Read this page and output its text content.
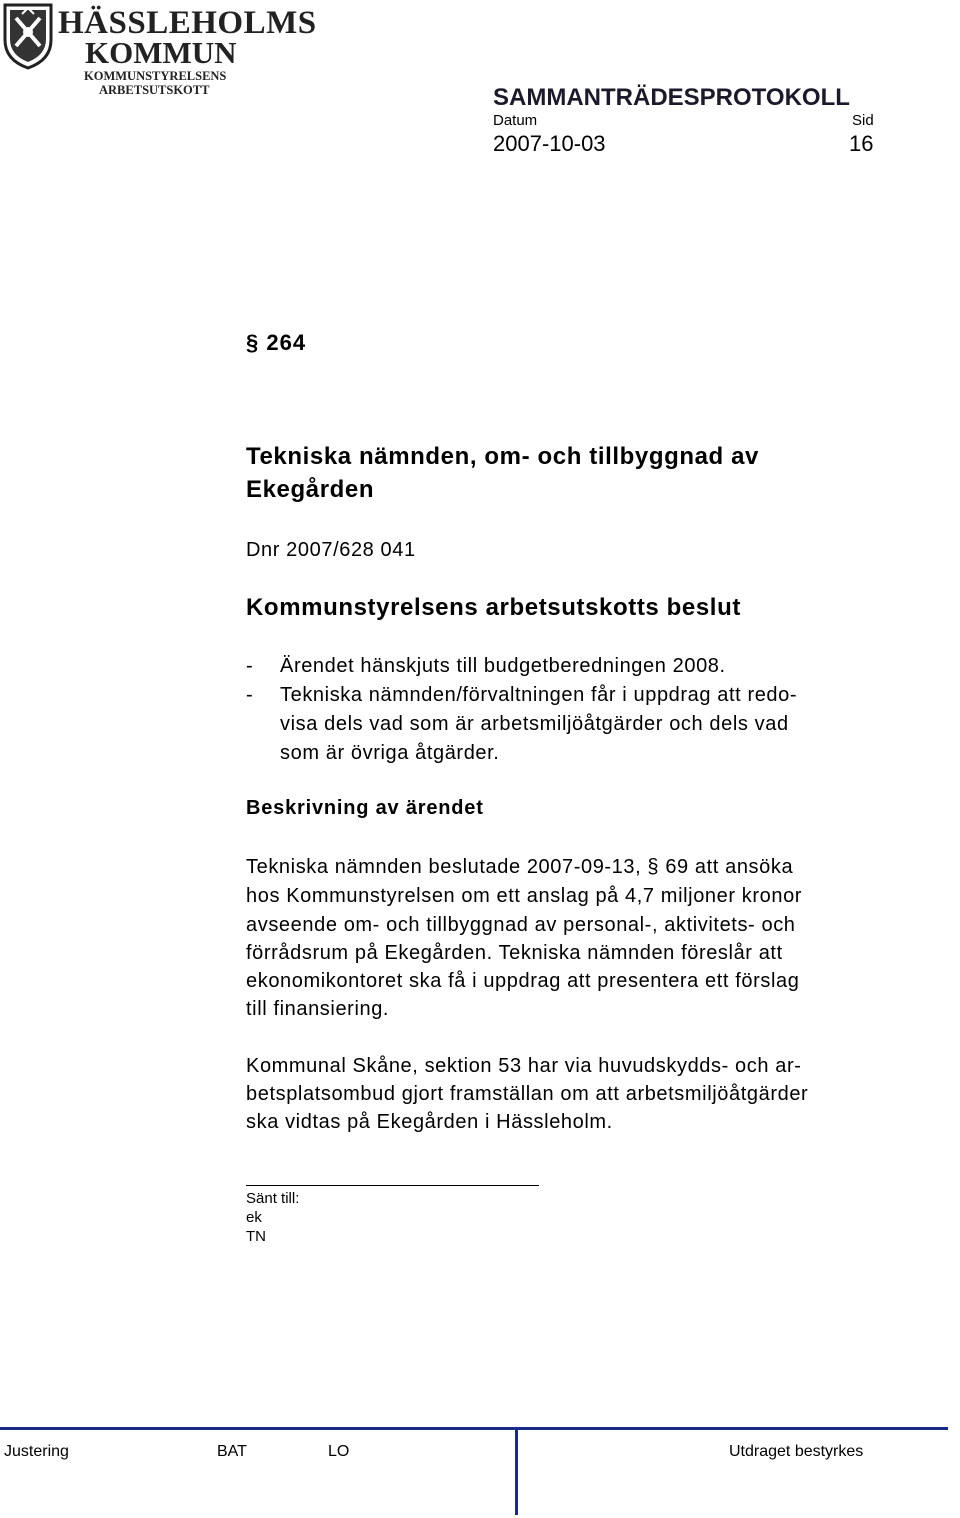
HÄSSLEHOLMS
KOMMUN
KOMMUNSTYRELSENS
ARBETSUTSKOTT	SAMMANTRÄDESPROTOKOLL
Datum	Sid
2007-10-03	16
§ 264
Tekniska nämnden, om- och tillbyggnad av
Ekegården
Dnr 2007/628 041
Kommunstyrelsens arbetsutskotts beslut
- Ärendet hänskjuts till budgetberedningen 2008.
- Tekniska nämnden/förvaltningen får i uppdrag att redo-
visa dels vad som är arbetsmiljöåtgärder och dels vad
som är övriga åtgärder.
Beskrivning av ärendet
Tekniska nämnden beslutade 2007-09-13, § 69 att ansöka
hos Kommunstyrelsen om ett anslag på 4,7 miljoner kronor
avseende om- och tillbyggnad av personal-, aktivitets- och
förrådsrum på Ekegården. Tekniska nämnden föreslår att
ekonomikontoret ska få i uppdrag att presentera ett förslag
till finansiering.
Kommunal Skåne, sektion 53 har via huvudskydds- och ar-
betsplatsombud gjort framställan om att arbetsmiljöåtgärder
ska vidtas på Ekegården i Hässleholm.
Sänt till:
ek
TN
Justering	BAT	LO	Utdraget bestyrkes
